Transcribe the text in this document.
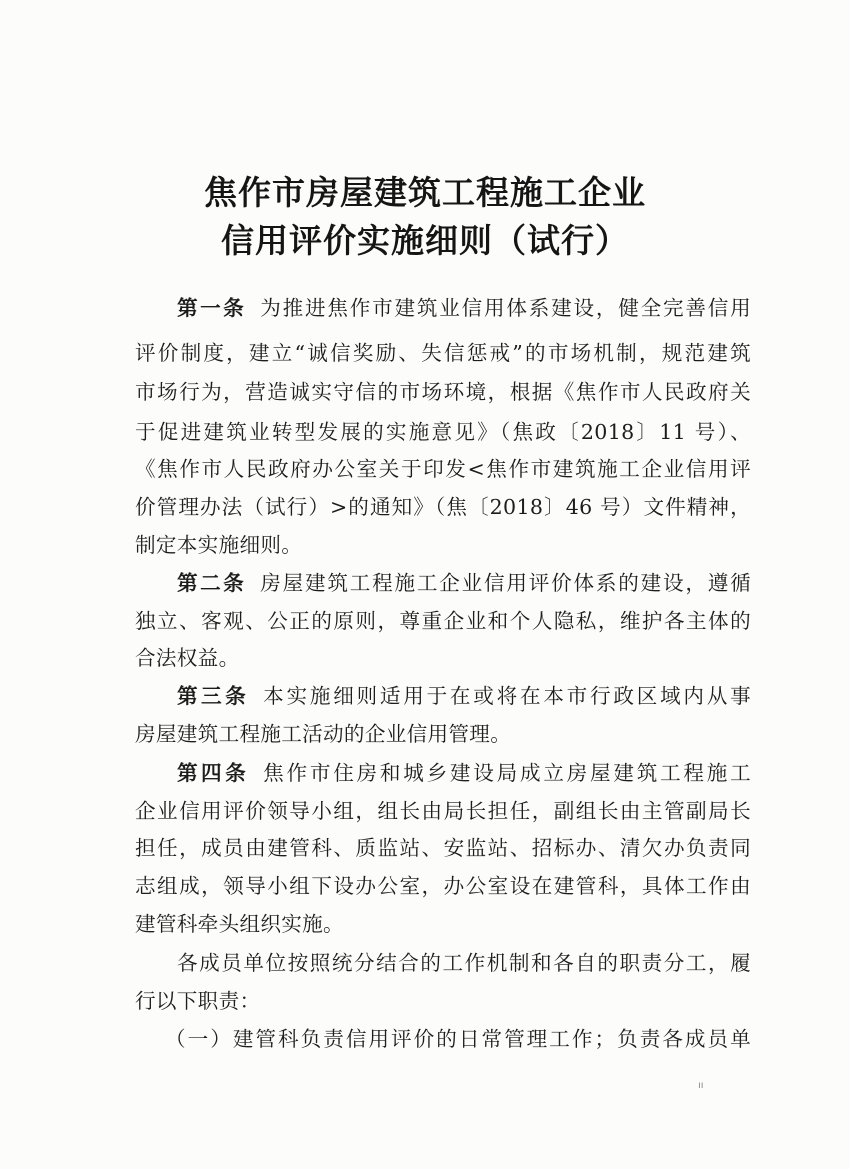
焦作市房屋建筑工程施工企业
信用评价实施细则（试行）
第一条 为推进焦作市建筑业信用体系建设，健全完善信用
评价制度，建立“诚信奖励、失信惩戒”的市场机制，规范建筑
市场行为，营造诚实守信的市场环境，根据《焦作市人民政府关
于促进建筑业转型发展的实施意见》（焦政〔2018〕11 号）、
《焦作市人民政府办公室关于印发<焦作市建筑施工企业信用评
价管理办法（试行）>的通知》（焦〔2018〕46 号）文件精神，
制定本实施细则。
第二条 房屋建筑工程施工企业信用评价体系的建设，遵循
独立、客观、公正的原则，尊重企业和个人隐私，维护各主体的
合法权益。
第三条 本实施细则适用于在或将在本市行政区域内从事
房屋建筑工程施工活动的企业信用管理。
第四条 焦作市住房和城乡建设局成立房屋建筑工程施工
企业信用评价领导小组，组长由局长担任，副组长由主管副局长
担任，成员由建管科、质监站、安监站、招标办、清欠办负责同
志组成，领导小组下设办公室，办公室设在建管科，具体工作由
建管科牵头组织实施。
各成员单位按照统分结合的工作机制和各自的职责分工，履
行以下职责：
（一）建管科负责信用评价的日常管理工作；负责各成员单
ıı
